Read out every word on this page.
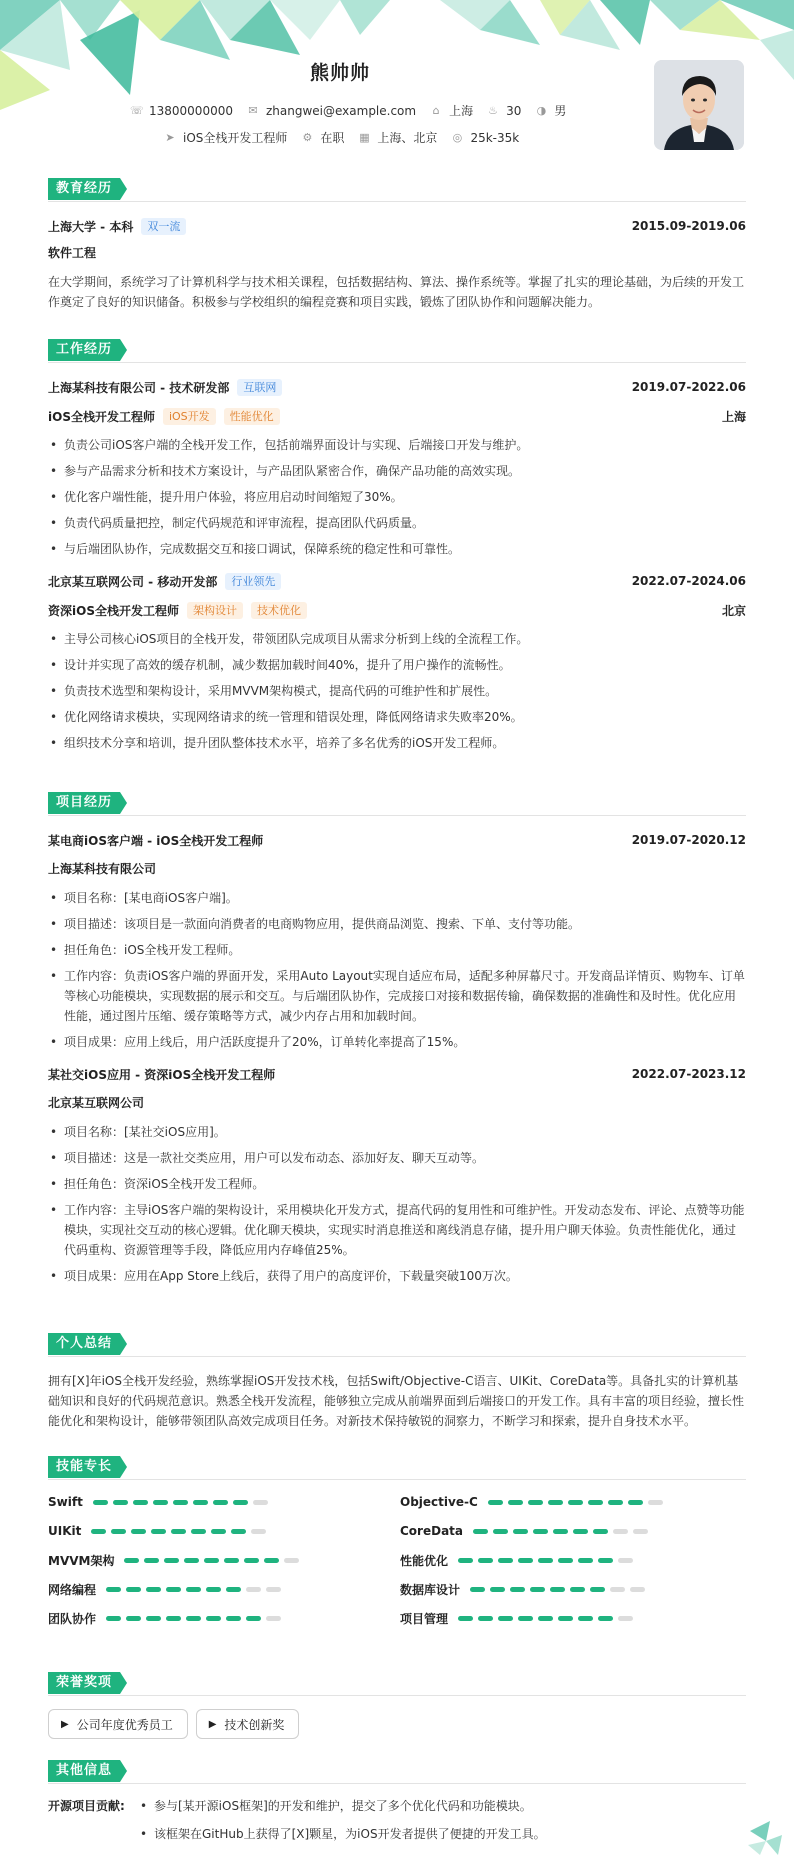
熊帅帅
☏ 13800000000 ✉ zhangwei@example.com ⌂ 上海 ♨ 30 ◑ 男
➤ iOS全栈开发工程师 ⚙ 在职 ▦ 上海、北京 ◎ 25k-35k
教育经历
上海大学 - 本科	双一流	2015.09-2019.06
软件工程
在大学期间，系统学习了计算机科学与技术相关课程，包括数据结构、算法、操作系统等。掌握了扎实的理论基础，为后续的开发工作奠定了良好的知识储备。积极参与学校组织的编程竞赛和项目实践，锻炼了团队协作和问题解决能力。
工作经历
上海某科技有限公司 - 技术研发部	互联网	2019.07-2022.06
iOS全栈开发工程师	iOS开发	性能优化	上海
• 负责公司iOS客户端的全栈开发工作，包括前端界面设计与实现、后端接口开发与维护。
• 参与产品需求分析和技术方案设计，与产品团队紧密合作，确保产品功能的高效实现。
• 优化客户端性能，提升用户体验，将应用启动时间缩短了30%。
• 负责代码质量把控，制定代码规范和评审流程，提高团队代码质量。
• 与后端团队协作，完成数据交互和接口调试，保障系统的稳定性和可靠性。
北京某互联网公司 - 移动开发部	行业领先	2022.07-2024.06
资深iOS全栈开发工程师	架构设计	技术优化	北京
• 主导公司核心iOS项目的全栈开发，带领团队完成项目从需求分析到上线的全流程工作。
• 设计并实现了高效的缓存机制，减少数据加载时间40%，提升了用户操作的流畅性。
• 负责技术选型和架构设计，采用MVVM架构模式，提高代码的可维护性和扩展性。
• 优化网络请求模块，实现网络请求的统一管理和错误处理，降低网络请求失败率20%。
• 组织技术分享和培训，提升团队整体技术水平，培养了多名优秀的iOS开发工程师。
项目经历
某电商iOS客户端 - iOS全栈开发工程师	2019.07-2020.12
上海某科技有限公司
• 项目名称：[某电商iOS客户端]。
• 项目描述：该项目是一款面向消费者的电商购物应用，提供商品浏览、搜索、下单、支付等功能。
• 担任角色：iOS全栈开发工程师。
• 工作内容：负责iOS客户端的界面开发，采用Auto Layout实现自适应布局，适配多种屏幕尺寸。开发商品详情页、购物车、订单等核心功能模块，实现数据的展示和交互。与后端团队协作，完成接口对接和数据传输，确保数据的准确性和及时性。优化应用性能，通过图片压缩、缓存策略等方式，减少内存占用和加载时间。
• 项目成果：应用上线后，用户活跃度提升了20%，订单转化率提高了15%。
某社交iOS应用 - 资深iOS全栈开发工程师	2022.07-2023.12
北京某互联网公司
• 项目名称：[某社交iOS应用]。
• 项目描述：这是一款社交类应用，用户可以发布动态、添加好友、聊天互动等。
• 担任角色：资深iOS全栈开发工程师。
• 工作内容：主导iOS客户端的架构设计，采用模块化开发方式，提高代码的复用性和可维护性。开发动态发布、评论、点赞等功能模块，实现社交互动的核心逻辑。优化聊天模块，实现实时消息推送和离线消息存储，提升用户聊天体验。负责性能优化，通过代码重构、资源管理等手段，降低应用内存峰值25%。
• 项目成果：应用在App Store上线后，获得了用户的高度评价，下载量突破100万次。
个人总结
拥有[X]年iOS全栈开发经验，熟练掌握iOS开发技术栈，包括Swift/Objective-C语言、UIKit、CoreData等。具备扎实的计算机基础知识和良好的代码规范意识。熟悉全栈开发流程，能够独立完成从前端界面到后端接口的开发工作。具有丰富的项目经验，擅长性能优化和架构设计，能够带领团队高效完成项目任务。对新技术保持敏锐的洞察力，不断学习和探索，提升自身技术水平。
技能专长
Swift	Objective-C
UIKit	CoreData
MVVM架构	性能优化
网络编程	数据库设计
团队协作	项目管理
荣誉奖项
▶ 公司年度优秀员工	▶ 技术创新奖
其他信息
开源项目贡献:
•	参与[某开源iOS框架]的开发和维护，提交了多个优化代码和功能模块。
• 该框架在GitHub上获得了[X]颗星，为iOS开发者提供了便捷的开发工具。
